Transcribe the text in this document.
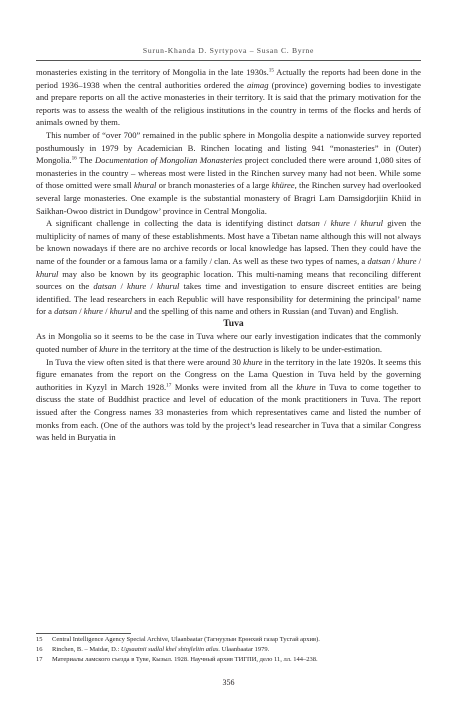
Surun-Khanda D. Syrtypova – Susan C. Byrne

monasteries existing in the territory of Mongolia in the late 1930s.$^{15}$ Actually the reports had been done in the period 1936–1938 when the central authorities ordered the aimag (province) governing bodies to investigate and prepare reports on all the active monasteries in their territory. It is said that the primary motivation for the reports was to assess the wealth of the religious institutions in the country in terms of the flocks and herds of animals owned by them.

This number of “over 700” remained in the public sphere in Mongolia despite a nationwide survey reported posthumously in 1979 by Academician B. Rinchen locating and listing 941 “monasteries” in (Outer) Mongolia.$^{16}$ The Documentation of Mongolian Monasteries project concluded there were around 1,080 sites of monasteries in the country – whereas most were listed in the Rinchen survey many had not been. While some of those omitted were small khural or branch monasteries of a large khüree, the Rinchen survey had overlooked several large monasteries. One example is the substantial monastery of Bragri Lam Damsigdorjiin Khiid in Saikhan-Owoo district in Dundgow’ province in Central Mongolia.

A significant challenge in collecting the data is identifying distinct datsan / khure / khurul given the multiplicity of names of many of these establishments. Most have a Tibetan name although this will not always be known nowadays if there are no archive records or local knowledge has lapsed. Then they could have the name of the founder or a famous lama or a family / clan. As well as these two types of names, a datsan / khure / khurul may also be known by its geographic location. This multi-naming means that reconciling different sources on the datsan / khure / khurul takes time and investigation to ensure discreet entities are being identified. The lead researchers in each Republic will have responsibility for determining the principal’ name for a datsan / khure / khurul and the spelling of this name and others in Russian (and Tuvan) and English.

Tuva

As in Mongolia so it seems to be the case in Tuva where our early investigation indicates that the commonly quoted number of khure in the territory at the time of the destruction is likely to be under-estimation.

In Tuva the view often sited is that there were around 30 khure in the territory in the late 1920s. It seems this figure emanates from the report on the Congress on the Lama Question in Tuva held by the governing authorities in Kyzyl in March 1928.17 Monks were invited from all the khure in Tuva to come together to discuss the state of Buddhist practice and level of education of the monk practitioners in Tuva. The report issued after the Congress names 33 monasteries from which representatives came and listed the number of monks from each. (One of the authors was told by the project’s lead researcher in Tuva that a similar Congress was held in Buryatia in

15 Central Intelligence Agency Special Archive, Ulaanbaatar (Тагнуулын Ерөнхий газар Тусгай архив).
16 Rinchen, B. – Maidar, D.: Ugsaatnii sudlal khel shinjleliin atlas. Ulaanbaatar 1979.
17 Материалы ламского съезда в Туве, Кызыл. 1928. Научный архив ТИГПИ, дело 11, лл. 144–238.
356
